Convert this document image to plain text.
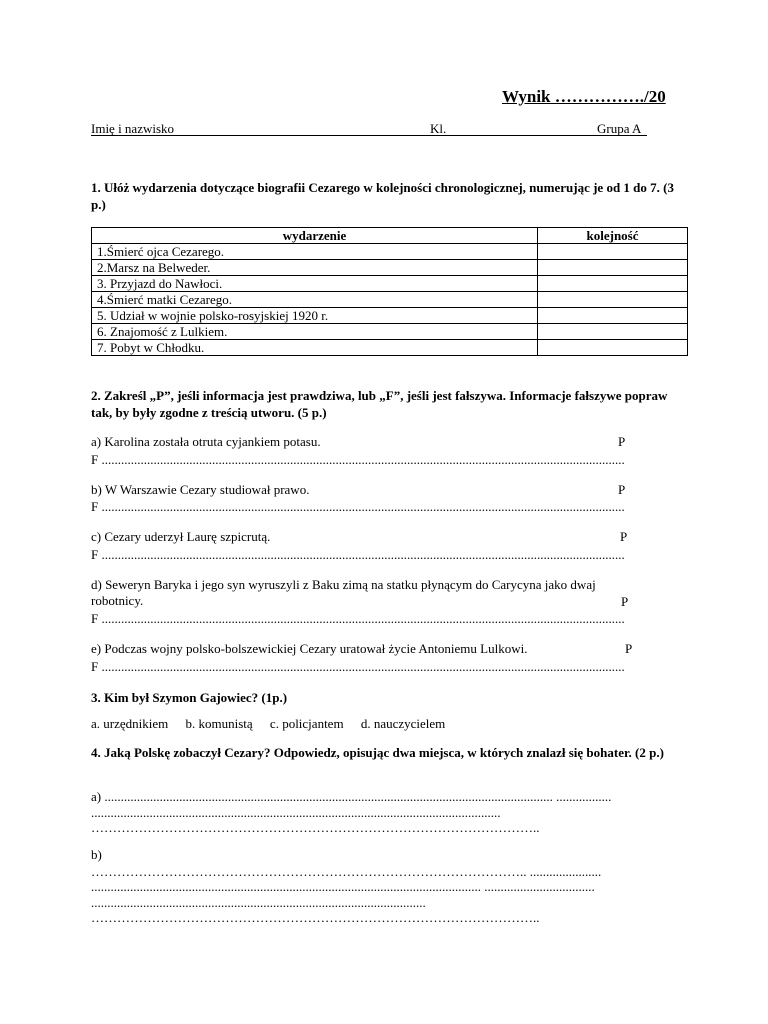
Wynik ……………./20
Imię i nazwisko	Kl.	Grupa A
1. Ułóż wydarzenia dotyczące biografii Cezarego w kolejności chronologicznej, numerując je od 1 do 7. (3 p.)
wydarzenie	kolejność
1.Śmierć ojca Cezarego.	
2.Marsz na Belweder.	
3. Przyjazd do Nawłoci.	
4.Śmierć matki Cezarego.	
5. Udział w wojnie polsko-rosyjskiej 1920 r.	
6. Znajomość z Lulkiem.	
7. Pobyt w Chłodku.	
2. Zakreśl „P”, jeśli informacja jest prawdziwa, lub „F”, jeśli jest fałszywa. Informacje fałszywe popraw tak, by były zgodne z treścią utworu. (5 p.)
a) Karolina została otruta cyjankiem potasu.	P
F .................................................................................................................................................................
b) W Warszawie Cezary studiował prawo.	P
F .................................................................................................................................................................
c) Cezary uderzył Laurę szpicrutą.	P
F .................................................................................................................................................................
d) Seweryn Baryka i jego syn wyruszyli z Baku zimą na statku płynącym do Carycyna jako dwaj robotnicy.	P
F .................................................................................................................................................................
e) Podczas wojny polsko-bolszewickiej Cezary uratował życie Antoniemu Lulkowi.	P
F .................................................................................................................................................................
3. Kim był Szymon Gajowiec? (1p.)
a. urzędnikiem b. komunistą c. policjantem d. nauczycielem
4. Jaką Polskę zobaczył Cezary? Odpowiedz, opisując dwa miejsca, w których znalazł się bohater. (2 p.)
a) .......................................................................................................................................... .................
..............................................................................................................................
…………………………………………………………………………………………..
b)
……………………………………………………………………………………….. ......................
........................................................................................................................ ..................................
.......................................................................................................
…………………………………………………………………………………………..
